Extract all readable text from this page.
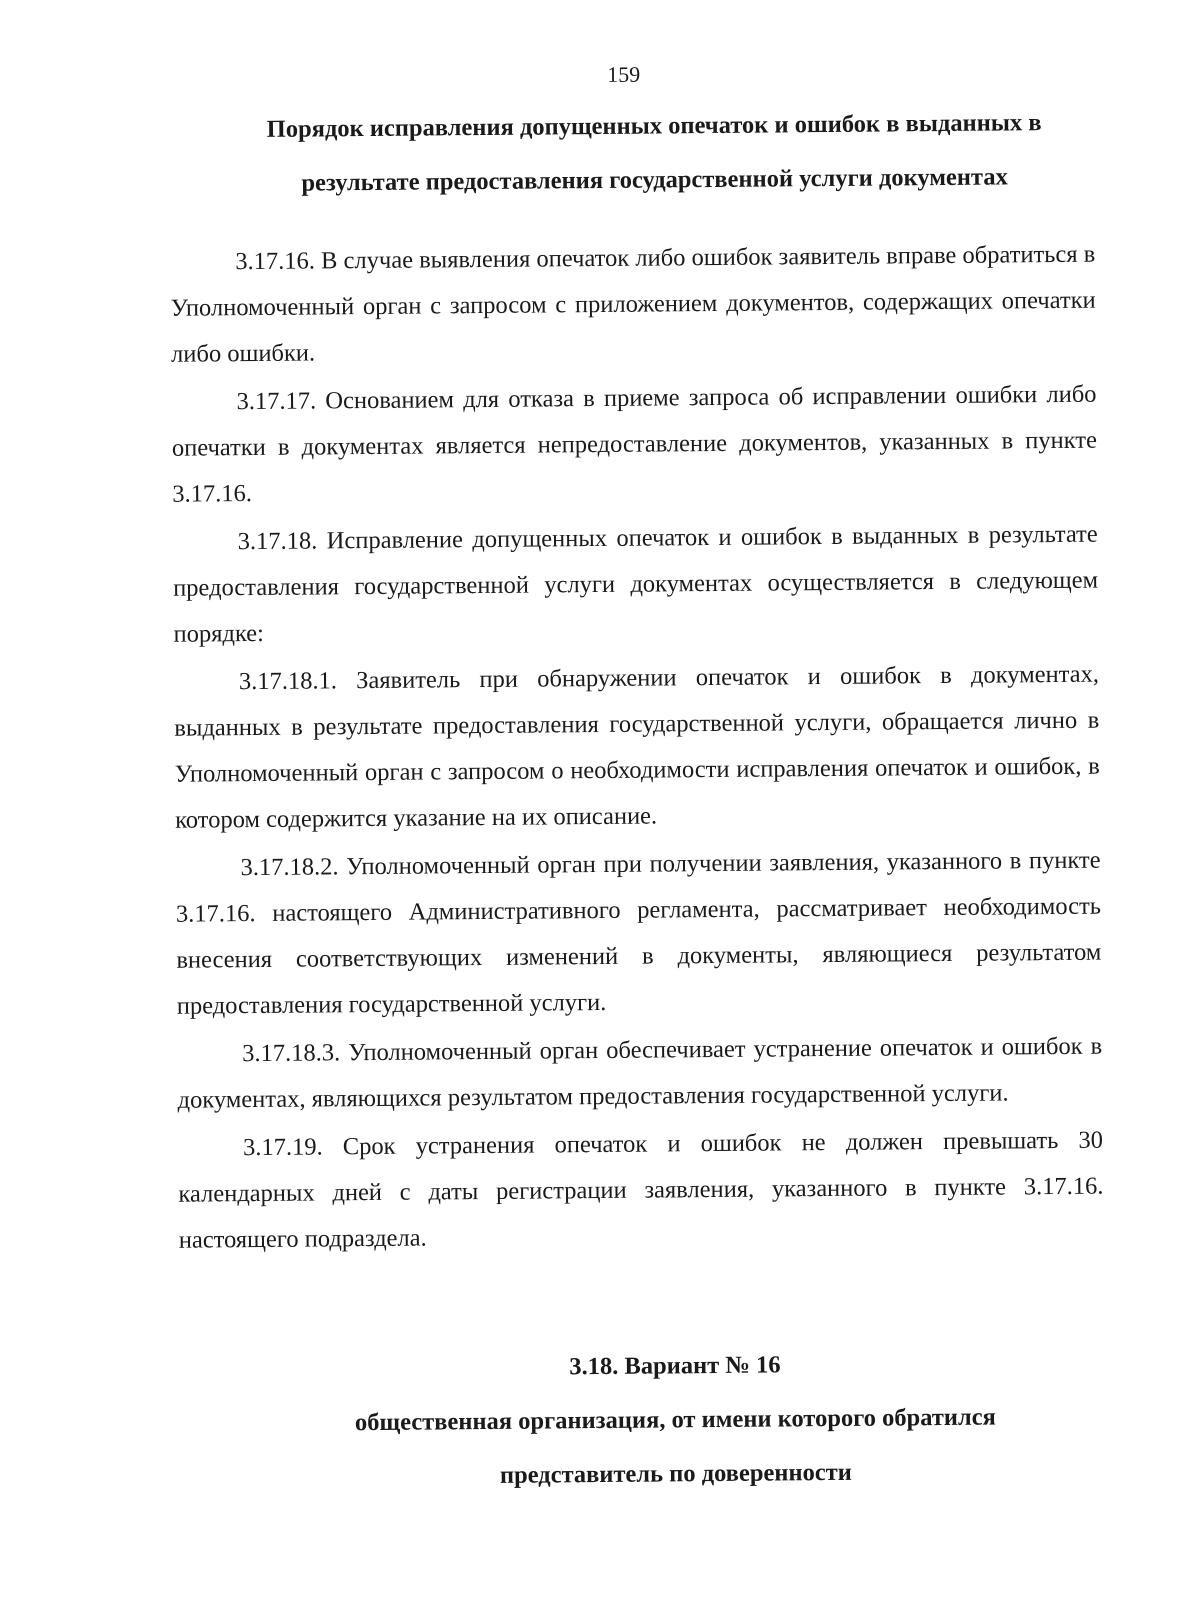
159
Порядок исправления допущенных опечаток и ошибок в выданных в
результате предоставления государственной услуги документах

3.17.16. В случае выявления опечаток либо ошибок заявитель вправе обратиться в Уполномоченный орган с запросом с приложением документов, содержащих опечатки либо ошибки.

3.17.17. Основанием для отказа в приеме запроса об исправлении ошибки либо опечатки в документах является непредоставление документов, указанных в пункте 3.17.16.

3.17.18. Исправление допущенных опечаток и ошибок в выданных в результате предоставления государственной услуги документах осуществляется в следующем порядке:

3.17.18.1. Заявитель при обнаружении опечаток и ошибок в документах, выданных в результате предоставления государственной услуги, обращается лично в Уполномоченный орган с запросом о необходимости исправления опечаток и ошибок, в котором содержится указание на их описание.

3.17.18.2. Уполномоченный орган при получении заявления, указанного в пункте 3.17.16. настоящего Административного регламента, рассматривает необходимость внесения соответствующих изменений в документы, являющиеся результатом предоставления государственной услуги.

3.17.18.3. Уполномоченный орган обеспечивает устранение опечаток и ошибок в документах, являющихся результатом предоставления государственной услуги.

3.17.19. Срок устранения опечаток и ошибок не должен превышать 30 календарных дней с даты регистрации заявления, указанного в пункте 3.17.16. настоящего подраздела.

3.18. Вариант № 16
общественная организация, от имени которого обратился
представитель по доверенности
